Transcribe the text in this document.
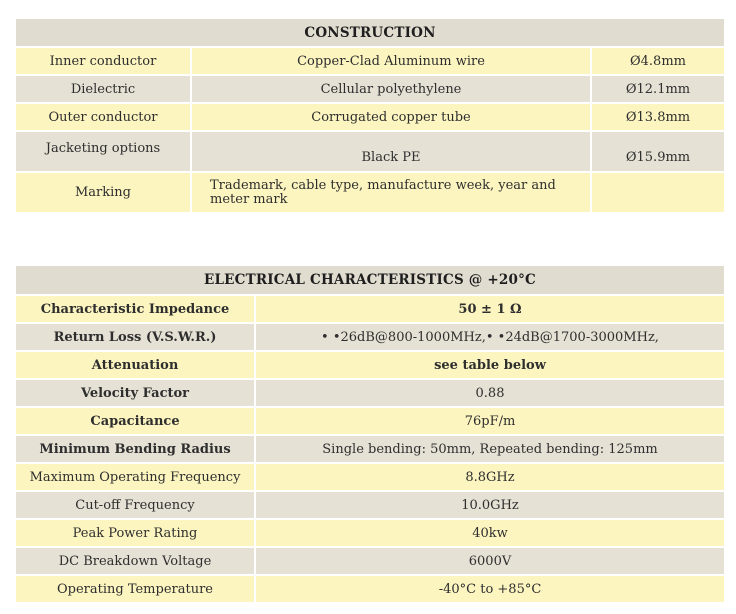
CONSTRUCTION		
Inner conductor	Copper-Clad Aluminum wire	Ø4.8mm
Dielectric	Cellular polyethylene	Ø12.1mm
Outer conductor	Corrugated copper tube	Ø13.8mm
Jacketing options	Black PE	Ø15.9mm
Marking	Trademark, cable type, manufacture week, year and meter mark	
ELECTRICAL CHARACTERISTICS @ +20°C	
Characteristic Impedance	50 ± 1 Ω
Return Loss (V.S.W.R.)	• •26dB@800-1000MHz,• •24dB@1700-3000MHz,
Attenuation	see table below
Velocity Factor	0.88
Capacitance	76pF/m
Minimum Bending Radius	Single bending: 50mm, Repeated bending: 125mm
Maximum Operating Frequency	8.8GHz
Cut-off Frequency	10.0GHz
Peak Power Rating	40kw
DC Breakdown Voltage	6000V
Operating Temperature	-40°C to +85°C
